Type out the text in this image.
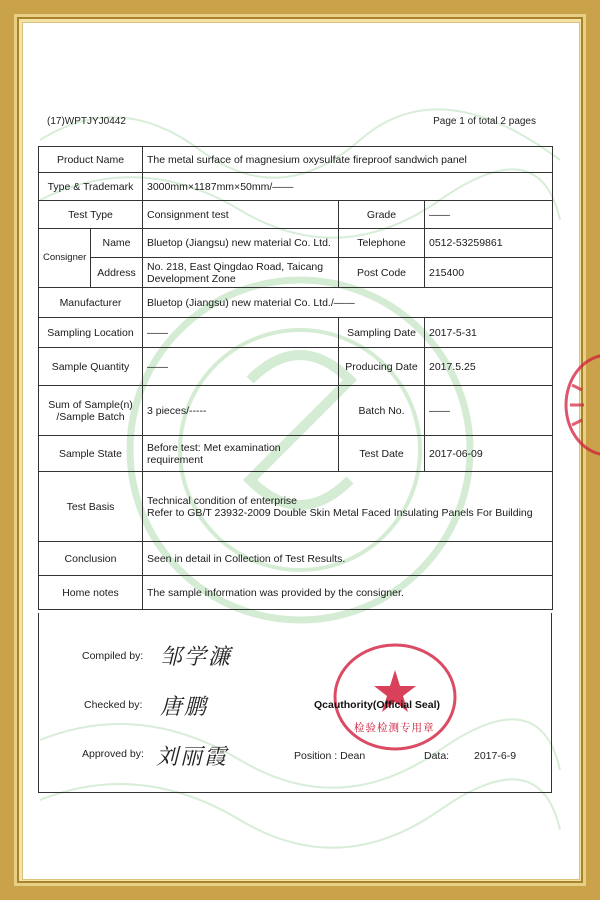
(17)WPTJYJ0442	Page 1 of total 2 pages
Product Name		The metal surface of magnesium oxysulfate fireproof sandwich panel		
Type & Trademark		3000mm×1187mm×50mm/——		
Test Type		Consignment test	Grade	——
Consigner	Name	Bluetop (Jiangsu) new material Co. Ltd.	Telephone	0512-53259861
	Address	No. 218, East Qingdao Road, Taicang Development Zone	Post Code	215400
Manufacturer		Bluetop (Jiangsu) new material Co. Ltd./——		
Sampling Location		——	Sampling Date	2017-5-31
Sample Quantity		——	Producing Date	2017.5.25
Sum of Sample(n) /Sample Batch		3 pieces/-----	Batch No.	——
Sample State		Before test: Met examination requirement	Test Date	2017-06-09
Test Basis		Technical condition of enterprise
Refer to GB/T 23932-2009 Double Skin Metal Faced Insulating Panels For Building		

Conclusion		Seen in detail in Collection of Test Results.		
Home notes		The sample information was provided by the consigner.		
Compiled by: 邹学濂
Checked by: 唐鹏
Approved by: 刘丽霞
Qcauthority(Official Seal)
检验检测专用章
Position : Dean	Data: 2017-6-9
